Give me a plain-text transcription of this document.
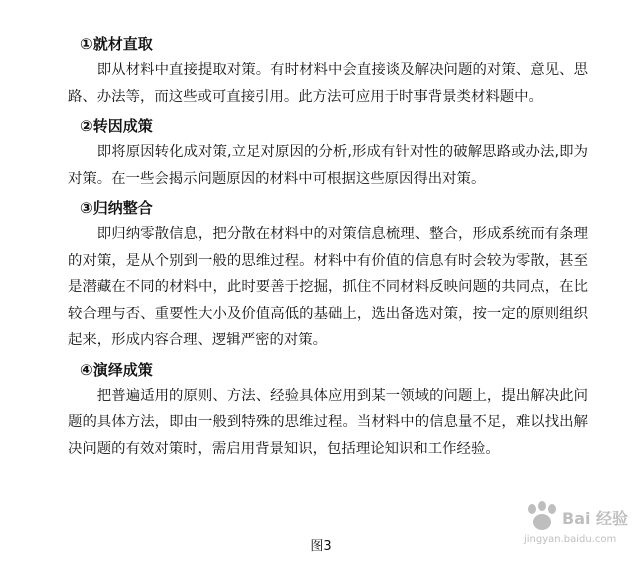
①就材直取

即从材料中直接提取对策。有时材料中会直接谈及解决问题的对策、意见、思路、办法等，而这些或可直接引用。此方法可应用于时事背景类材料题中。

②转因成策

即将原因转化成对策,立足对原因的分析,形成有针对性的破解思路或办法,即为对策。在一些会揭示问题原因的材料中可根据这些原因得出对策。

③归纳整合

即归纳零散信息，把分散在材料中的对策信息梳理、整合，形成系统而有条理的对策，是从个别到一般的思维过程。材料中有价值的信息有时会较为零散，甚至是潜藏在不同的材料中，此时要善于挖掘，抓住不同材料反映问题的共同点，在比较合理与否、重要性大小及价值高低的基础上，选出备选对策，按一定的原则组织起来，形成内容合理、逻辑严密的对策。

④演绎成策

把普遍适用的原则、方法、经验具体应用到某一领域的问题上，提出解决此问题的具体方法，即由一般到特殊的思维过程。当材料中的信息量不足，难以找出解决问题的有效对策时，需启用背景知识，包括理论知识和工作经验。

Bai 经验
jingyan.baidu.com
图3
